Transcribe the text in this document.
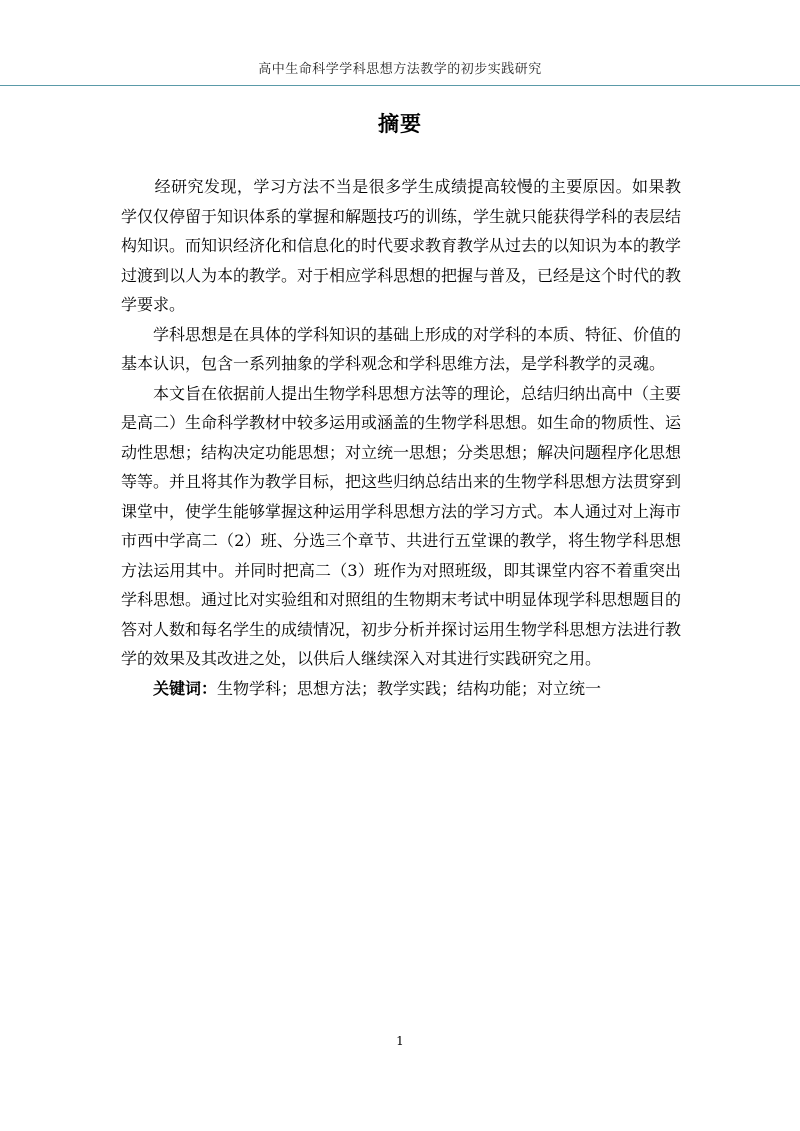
高中生命科学学科思想方法教学的初步实践研究
摘要

经研究发现，学习方法不当是很多学生成绩提高较慢的主要原因。如果教学仅仅停留于知识体系的掌握和解题技巧的训练，学生就只能获得学科的表层结构知识。而知识经济化和信息化的时代要求教育教学从过去的以知识为本的教学过渡到以人为本的教学。对于相应学科思想的把握与普及，已经是这个时代的教学要求。

学科思想是在具体的学科知识的基础上形成的对学科的本质、特征、价值的基本认识，包含一系列抽象的学科观念和学科思维方法，是学科教学的灵魂。

本文旨在依据前人提出生物学科思想方法等的理论，总结归纳出高中（主要是高二）生命科学教材中较多运用或涵盖的生物学科思想。如生命的物质性、运动性思想；结构决定功能思想；对立统一思想；分类思想；解决问题程序化思想等等。并且将其作为教学目标，把这些归纳总结出来的生物学科思想方法贯穿到课堂中，使学生能够掌握这种运用学科思想方法的学习方式。本人通过对上海市市西中学高二（2）班、分选三个章节、共进行五堂课的教学，将生物学科思想方法运用其中。并同时把高二（3）班作为对照班级，即其课堂内容不着重突出学科思想。通过比对实验组和对照组的生物期末考试中明显体现学科思想题目的答对人数和每名学生的成绩情况，初步分析并探讨运用生物学科思想方法进行教学的效果及其改进之处，以供后人继续深入对其进行实践研究之用。

关键词：生物学科；思想方法；教学实践；结构功能；对立统一

1
